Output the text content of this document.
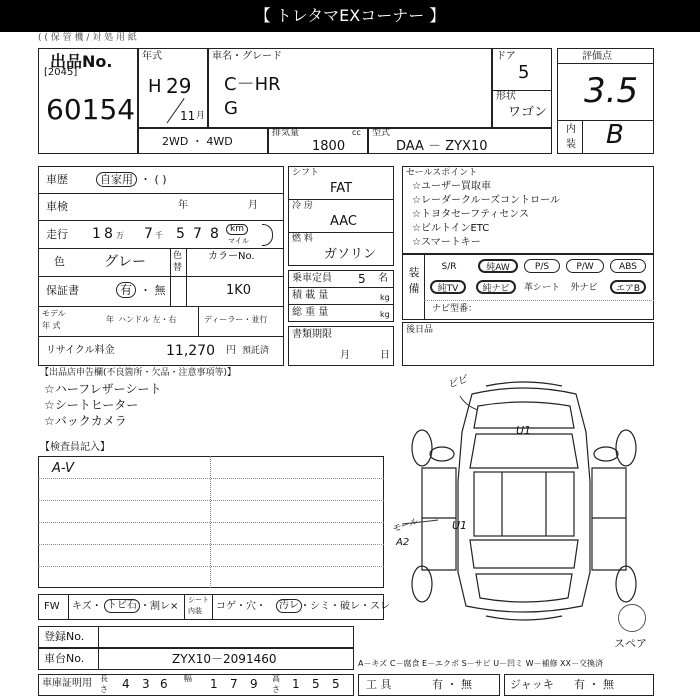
【 トレタマEXコーナー 】
( ( 保 管 機 / 対 処 用 紙
出品No.
[2045]
60154
年式
H 29
11 月
車名・グレード
C－HR
G
ドア
5
形状
ワゴン
評価点
3.5
内
装 B
2WD ・ 4WD
排気量	cc
1800
型式
DAA － ZYX10
車歴	自家用 ・ ( )
車検	年	月
走行 1 8 万 7 千 5 7 8	km
マイル
色	グレー	色
替
カラーNo.
1K0
保証書	有 ・ 無
モデル
年 式
年 ハンドル 左・右	ディーラー・並行
リサイクル料金	11,270 円 預託済
シフト
FAT
冷 房
AAC
燃 料
ガソリン
乗車定員 5 名
積 載 量	kg
総 重 量	kg
書類期限
月	日
セールスポイント
☆ユーザー買取車
☆レーダークルーズコントロール
☆トヨタセーフティセンス
☆ビルトインETC
☆スマートキー
装
備
S/R	純AW	P/S	P/W	ABS
純TV	純ナビ	革シート	外ナビ	エアB
ナビ型番：
後日品
【出品店申告欄(不良箇所・欠品・注意事項等)】
☆ハーフレザーシート
☆シートヒーター
☆バックカメラ
【検査員記入】
A-V
ビビ
U1
モール
A2
U1
スペア
FW キズ・ トビ石 ・割レ×
シート
内装 コゲ・穴・	汚レ ・シミ・破レ・スレ
登録No.
車台No.	ZYX10－2091460	A－キズ C－腐食 E－エクボ S－サビ U－凹ミ W－補修 XX－交換済
車庫証明用 長
さ 4 3 6 幅 1 7 9 高
さ 1 5 5 工 具	有 ・ 無	ジャッキ 有 ・ 無
